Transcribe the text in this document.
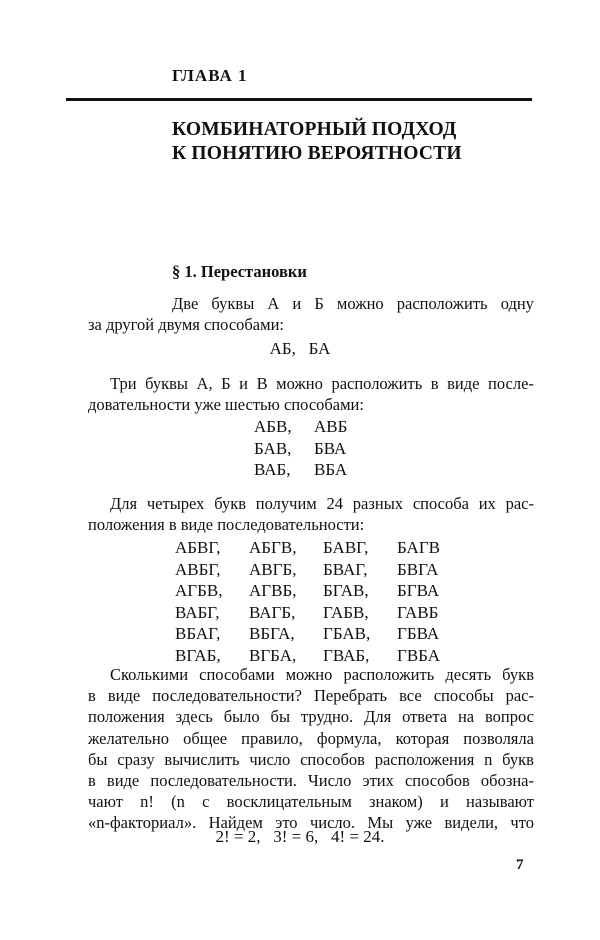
ГЛАВА 1
КОМБИНАТОРНЫЙ ПОДХОД
К ПОНЯТИЮ ВЕРОЯТНОСТИ
§ 1. Перестановки
Две буквы А и Б можно расположить одну
за другой двумя способами:
АБ,   БА
Три буквы А, Б и В можно расположить в виде после-
довательности уже шестью способами:
АБВ,	АВБ
БАВ,	БВА
ВАБ,	ВБА
Для четырех букв получим 24 разных способа их рас-
положения в виде последовательности:
АБВГ,	АБГВ,	БАВГ,	БАГВ
АВБГ,	АВГБ,	БВАГ,	БВГА
АГБВ,	АГВБ,	БГАВ,	БГВА
ВАБГ,	ВАГБ,	ГАБВ,	ГАВБ
ВБАГ,	ВБГА,	ГБАВ,	ГБВА
ВГАБ,	ВГБА,	ГВАБ,	ГВБА
Сколькими способами можно расположить десять букв
в виде последовательности? Перебрать все способы рас-
положения здесь было бы трудно. Для ответа на вопрос
желательно общее правило, формула, которая позволяла
бы сразу вычислить число способов расположения n букв
в виде последовательности. Число этих способов обозна-
чают n! (n с восклицательным знаком) и называют
«n-факториал». Найдем это число. Мы уже видели, что
2! = 2,   3! = 6,   4! = 24.
7
